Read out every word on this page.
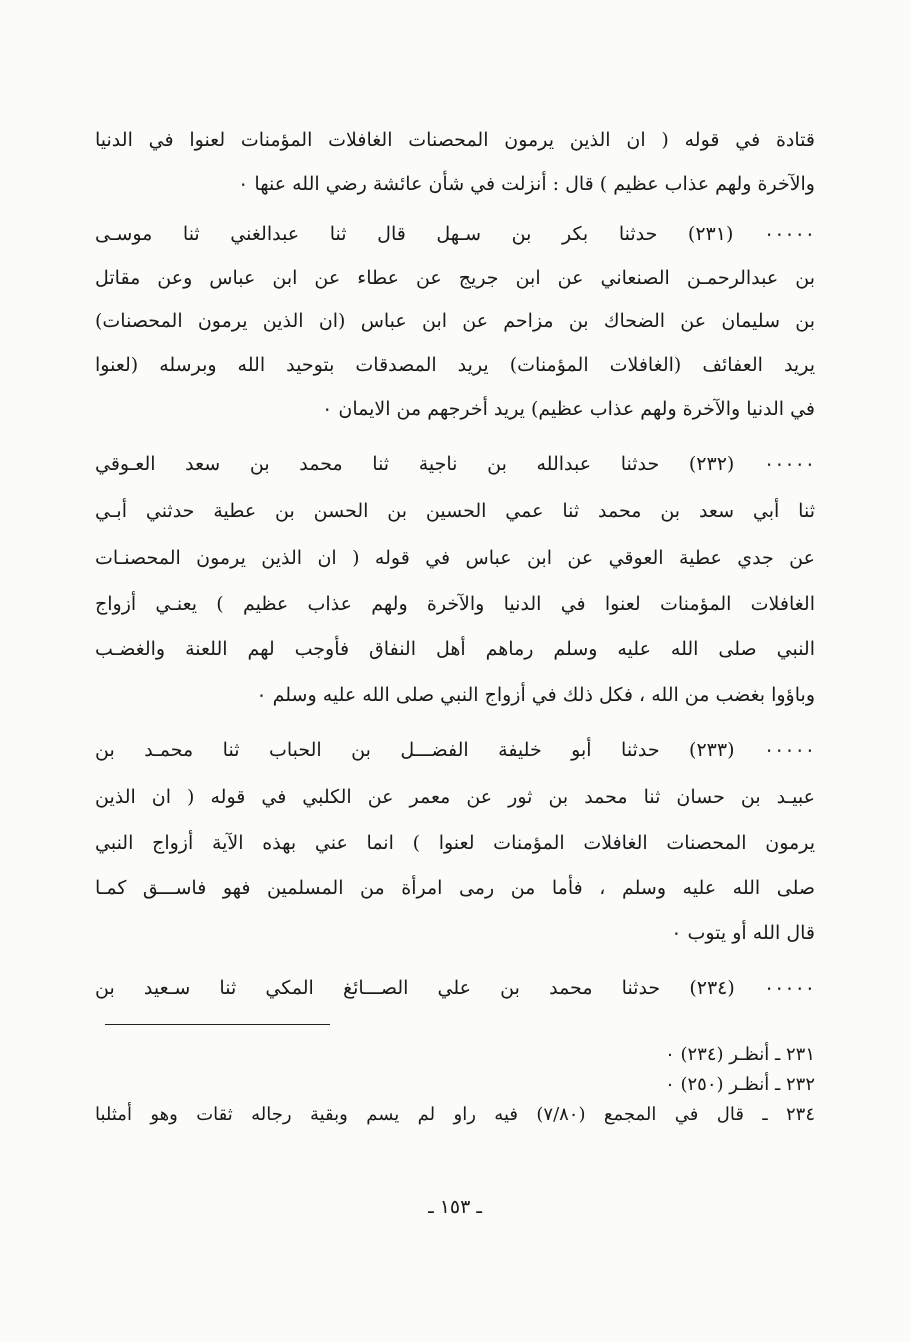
قتادة في قوله ( ان الذين يرمون المحصنات الغافلات المؤمنات لعنوا في الدنيا
والآخرة ولهم عذاب عظيم ) قال : أنزلت في شأن عائشة رضي الله عنها ٠
٠٠٠٠٠ (٢٣١) حدثنا بكر بن سـهل قال ثنا عبدالغني ثنا موسـى
بن عبدالرحمـن الصنعاني عن ابن جريج عن عطاء عن ابن عباس وعن مقاتل
بن سليمان عن الضحاك بن مزاحم عن ابن عباس (ان الذين يرمون المحصنات)
يريد العفائف (الغافلات المؤمنات) يريد المصدقات بتوحيد الله وبرسله (لعنوا
في الدنيا والآخرة ولهم عذاب عظيم) يريد أخرجهم من الايمان ٠
٠٠٠٠٠ (٢٣٢) حدثنا عبدالله بن ناجية ثنا محمد بن سعد العـوقي
ثنا أبي سعد بن محمد ثنا عمي الحسين بن الحسن بن عطية حدثني أبـي
عن جدي عطية العوقي عن ابن عباس في قوله ( ان الذين يرمون المحصنـات
الغافلات المؤمنات لعنوا في الدنيا والآخرة ولهم عذاب عظيم ) يعنـي أزواج
النبي صلى الله عليه وسلم رماهم أهل النفاق فأوجب لهم اللعنة والغضـب
وباؤوا بغضب من الله ، فكل ذلك في أزواج النبي صلى الله عليه وسلم ٠
٠٠٠٠٠ (٢٣٣) حدثنا أبو خليفة الفضـــل بن الحباب ثنا محمـد بن
عبيـد بن حسان ثنا محمد بن ثور عن معمر عن الكلبي في قوله ( ان الذين
يرمون المحصنات الغافلات المؤمنات لعنوا ) انما عني بهذه الآية أزواج النبي
صلى الله عليه وسلم ، فأما من رمى امرأة من المسلمين فهو فاســـق كمـا
قال الله أو يتوب ٠
٠٠٠٠٠ (٢٣٤) حدثنا محمد بن علي الصـــائغ المكي ثنا سـعيد بن
٢٣١ ـ أنظـر (٢٣٤) ٠
٢٣٢ ـ أنظـر (٢٥٠) ٠
٢٣٤ ـ قال في المجمع (٧/٨٠) فيه راو لم يسم وبقية رجاله ثقات وهو أمثلبا
ـ ١٥٣ ـ
